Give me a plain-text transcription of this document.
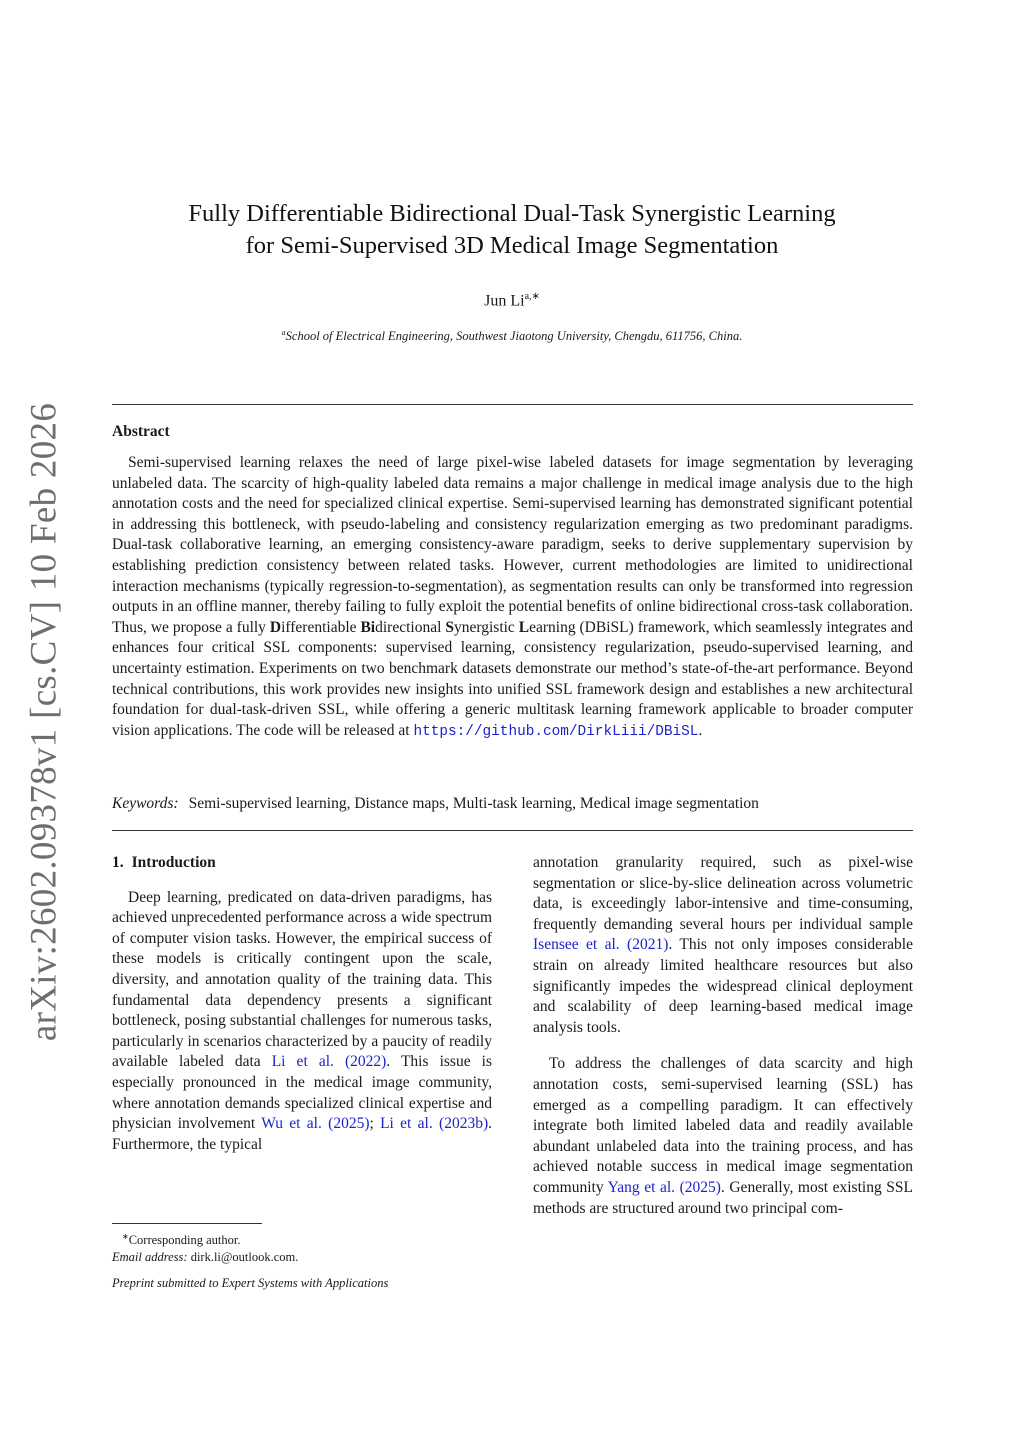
arXiv:2602.09378v1 [cs.CV] 10 Feb 2026
Fully Differentiable Bidirectional Dual-Task Synergistic Learning
for Semi-Supervised 3D Medical Image Segmentation
Jun $Li^{a,∗}$
$^a$School of Electrical Engineering, Southwest Jiaotong University, Chengdu, 611756, China.
Abstract
Semi-supervised learning relaxes the need of large pixel-wise labeled datasets for image segmentation by leveraging unlabeled data. The scarcity of high-quality labeled data remains a major challenge in medical image analysis due to the high annotation costs and the need for specialized clinical expertise. Semi-supervised learning has demonstrated significant potential in addressing this bottleneck, with pseudo-labeling and consistency regularization emerging as two predominant paradigms. Dual-task collaborative learning, an emerging consistency-aware paradigm, seeks to derive supplementary supervision by establishing prediction consistency between related tasks. However, current methodologies are limited to unidirectional interaction mechanisms (typically regression-to-segmentation), as segmentation results can only be transformed into regression outputs in an offline manner, thereby failing to fully exploit the potential benefits of online bidirectional cross-task collaboration. Thus, we propose a fully Differentiable Bidirectional Synergistic Learning (DBiSL) framework, which seamlessly integrates and enhances four critical SSL components: supervised learning, consistency regularization, pseudo-supervised learning, and uncertainty estimation. Experiments on two benchmark datasets demonstrate our method’s state-of-the-art performance. Beyond technical contributions, this work provides new insights into unified SSL framework design and establishes a new architectural foundation for dual-task-driven SSL, while offering a generic multitask learning framework applicable to broader computer vision applications. The code will be released at https://github.com/DirkLiii/DBiSL.
Keywords: Semi-supervised learning, Distance maps, Multi-task learning, Medical image segmentation
1. Introduction

Deep learning, predicated on data-driven paradigms, has achieved unprecedented performance across a wide spectrum of computer vision tasks. However, the empirical success of these models is critically contingent upon the scale, diversity, and annotation quality of the training data. This fundamental data dependency presents a significant bottleneck, posing substantial challenges for numerous tasks, particularly in scenarios characterized by a paucity of readily available labeled data Li et al. (2022). This issue is especially pronounced in the medical image community, where annotation demands specialized clinical expertise and physician involvement Wu et al. (2025); Li et al. (2023b). Furthermore, the typical

annotation granularity required, such as pixel-wise segmentation or slice-by-slice delineation across volumetric data, is exceedingly labor-intensive and time-consuming, frequently demanding several hours per individual sample Isensee et al. (2021). This not only imposes considerable strain on already limited healthcare resources but also significantly impedes the widespread clinical deployment and scalability of deep learning-based medical image analysis tools.

To address the challenges of data scarcity and high annotation costs, semi-supervised learning (SSL) has emerged as a compelling paradigm. It can effectively integrate both limited labeled data and readily available abundant unlabeled data into the training process, and has achieved notable success in medical image segmentation community Yang et al. (2025). Generally, most existing SSL methods are structured around two principal com-

∗Corresponding author.
Email address: dirk.li@outlook.com.
Preprint submitted to Expert Systems with Applications
